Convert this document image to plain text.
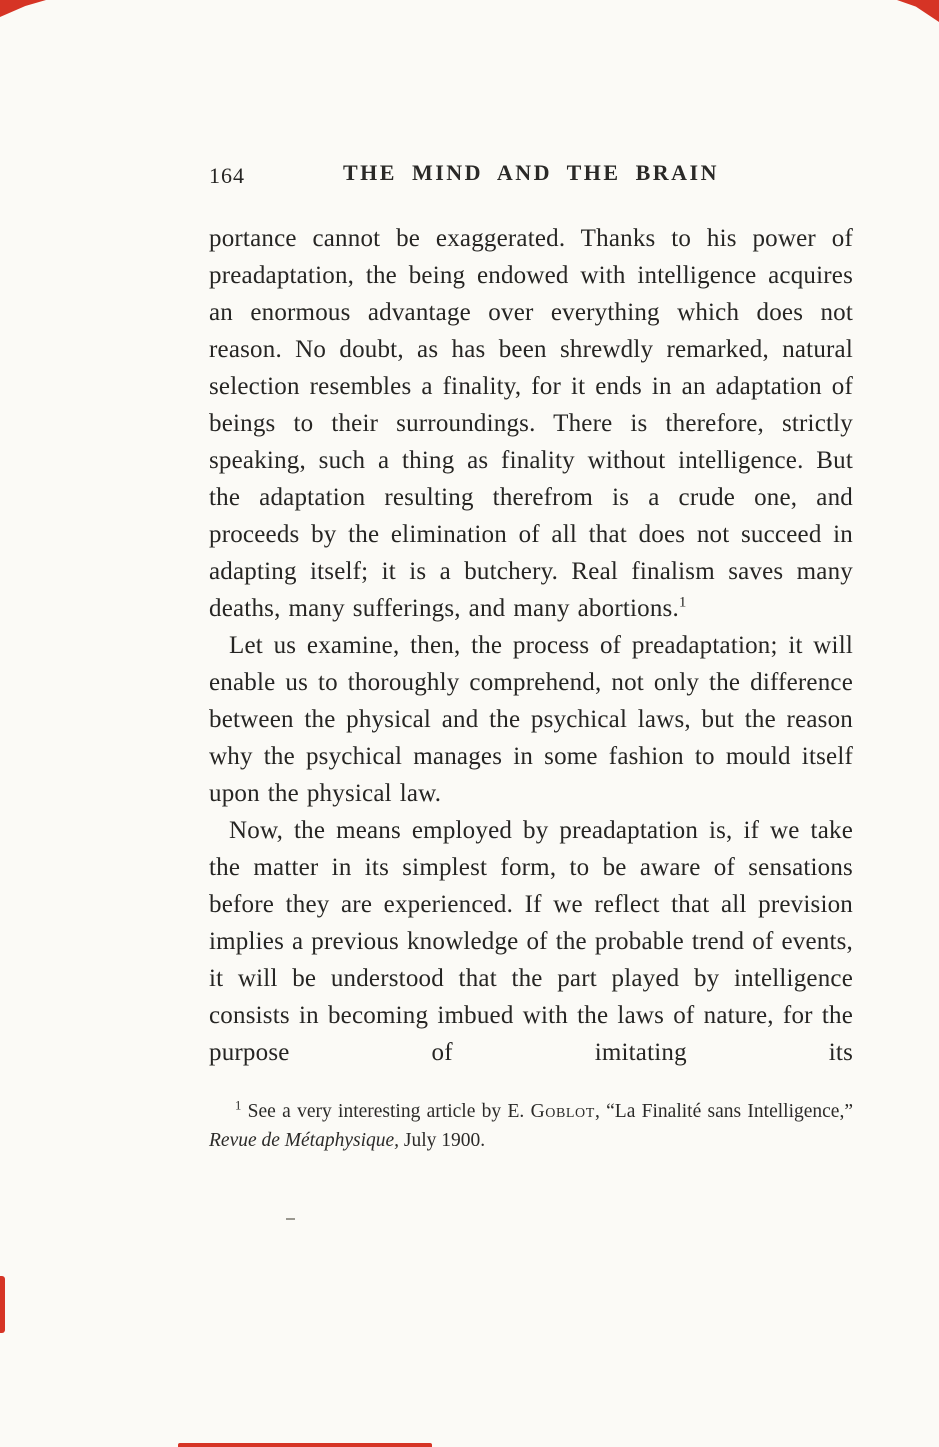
164	THE MIND AND THE BRAIN

portance cannot be exaggerated. Thanks to his power of preadaptation, the being endowed with intelligence acquires an enormous advantage over everything which does not reason. No doubt, as has been shrewdly remarked, natural selection resembles a finality, for it ends in an adaptation of beings to their surroundings. There is therefore, strictly speaking, such a thing as finality without intelligence. But the adaptation resulting therefrom is a crude one, and proceeds by the elimination of all that does not succeed in adapting itself; it is a butchery. Real finalism saves many deaths, many sufferings, and many abortions.$^1$

Let us examine, then, the process of preadaptation; it will enable us to thoroughly comprehend, not only the difference between the physical and the psychical laws, but the reason why the psychical manages in some fashion to mould itself upon the physical law.

Now, the means employed by preadaptation is, if we take the matter in its simplest form, to be aware of sensations before they are experienced. If we reflect that all prevision implies a previous knowledge of the probable trend of events, it will be understood that the part played by intelligence consists in becoming imbued with the laws of nature, for the purpose of imitating its

$^1$ See a very interesting article by E. Goblot, “La Finalité sans Intelligence,” Revue de Métaphysique, July 1900.
